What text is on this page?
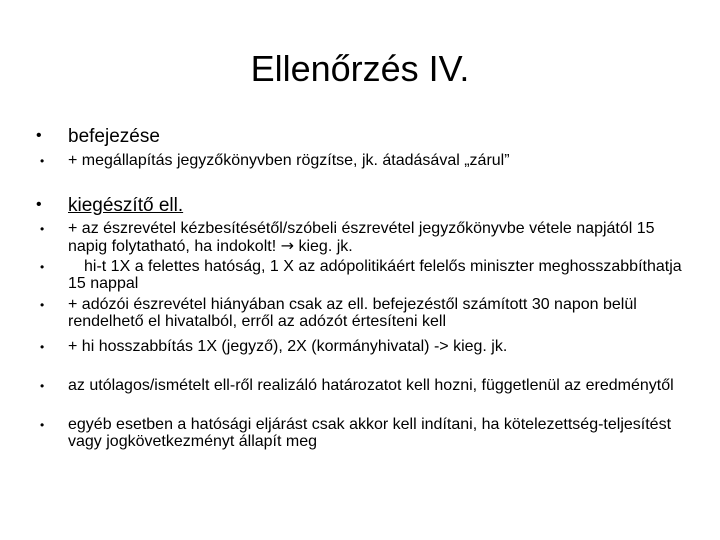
Ellenőrzés IV.
• befejezése
• + megállapítás jegyzőkönyvben rögzítse, jk. átadásával „zárul”
• kiegészítő ell.
• + az észrevétel kézbesítésétől/szóbeli észrevétel jegyzőkönyvbe vétele napjától 15 napig folytatható, ha indokolt! → kieg. jk.
•	hi-t 1X a felettes hatóság, 1 X az adópolitikáért felelős miniszter meghosszabbíthatja 15 nappal
• + adózói észrevétel hiányában csak az ell. befejezéstől számított 30 napon belül rendelhető el hivatalból, erről az adózót értesíteni kell
• + hi hosszabbítás 1X (jegyző), 2X (kormányhivatal) -> kieg. jk.
• az utólagos/ismételt ell-ről realizáló határozatot kell hozni, függetlenül az eredménytől
• egyéb esetben a hatósági eljárást csak akkor kell indítani, ha kötelezettség-teljesítést vagy jogkövetkezményt állapít meg
